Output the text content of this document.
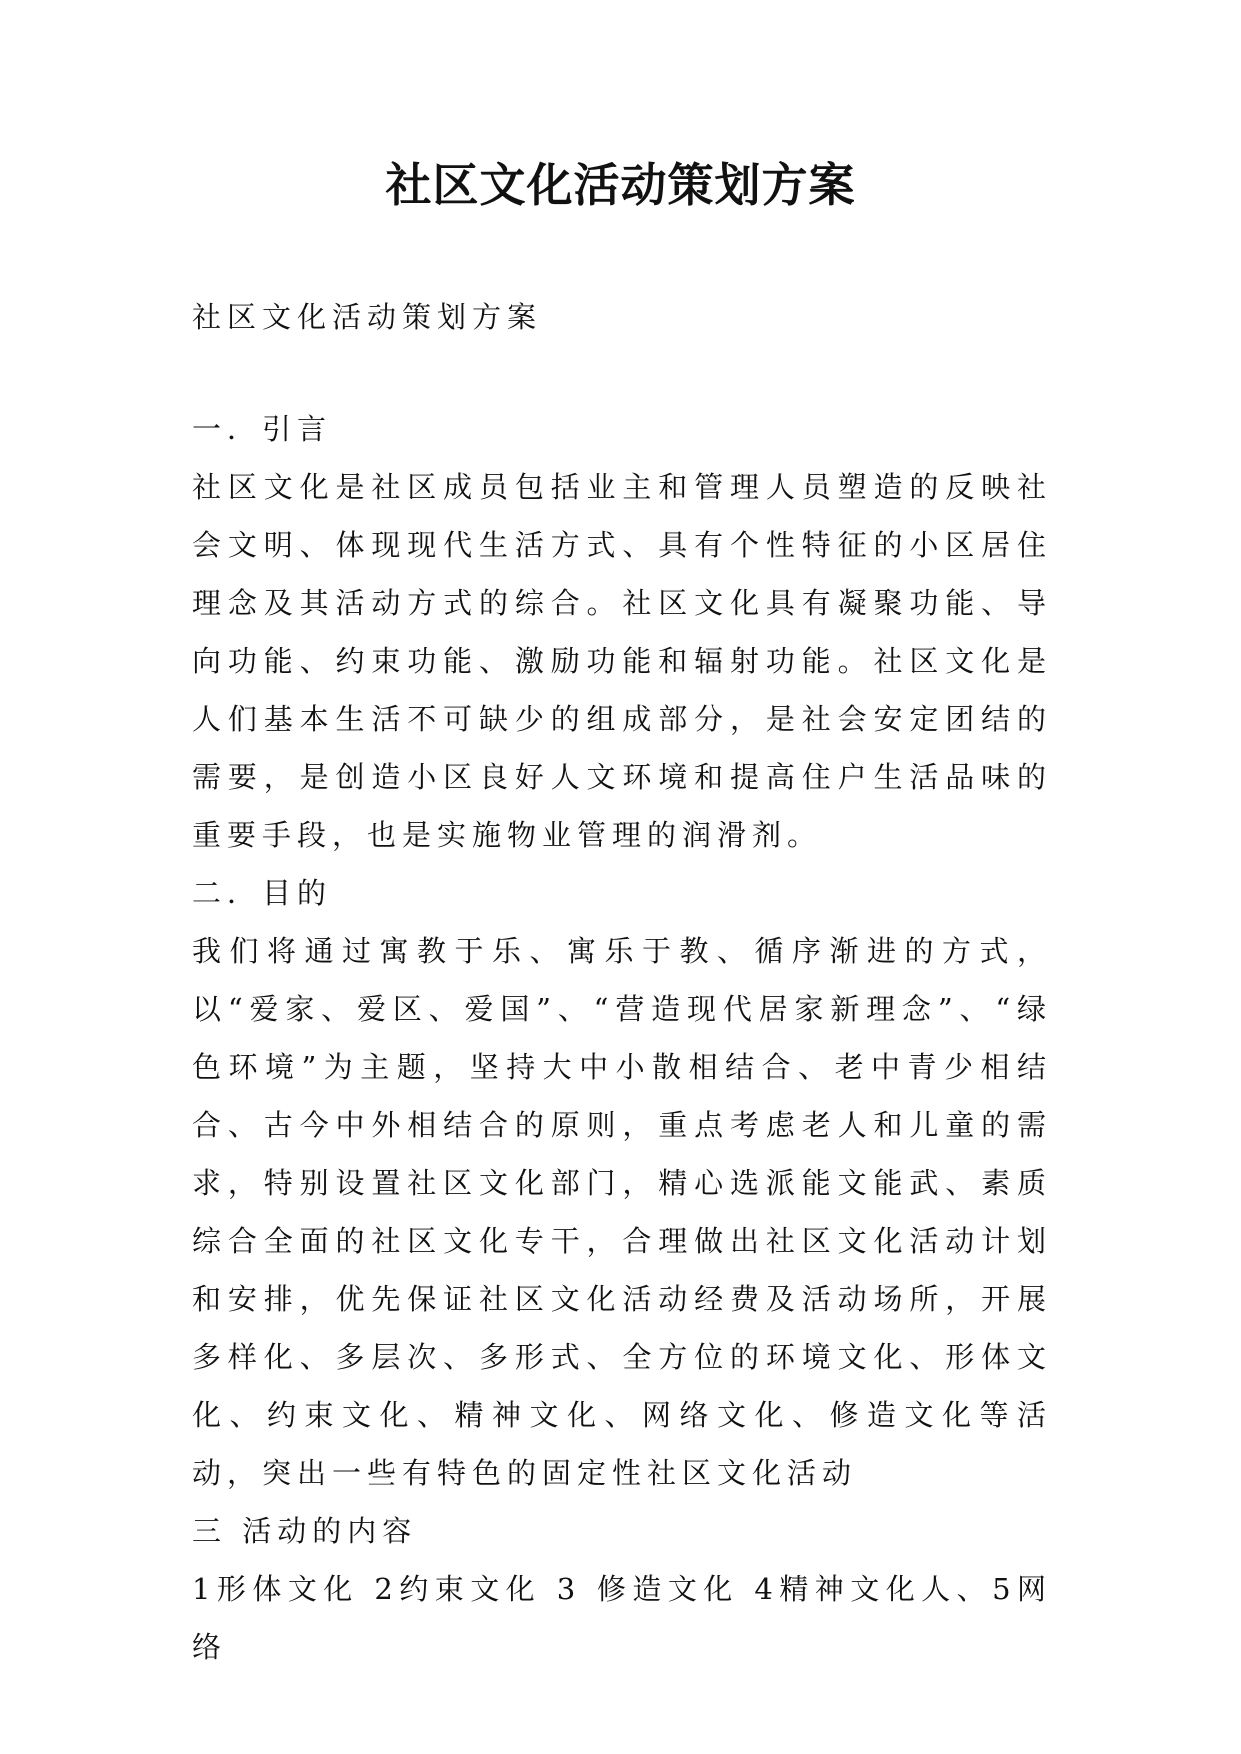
社区文化活动策划方案

社区文化活动策划方案

一．引言

社区文化是社区成员包括业主和管理人员塑造的反映社会文明、体现现代生活方式、具有个性特征的小区居住理念及其活动方式的综合。社区文化具有凝聚功能、导向功能、约束功能、激励功能和辐射功能。社区文化是人们基本生活不可缺少的组成部分，是社会安定团结的需要，是创造小区良好人文环境和提高住户生活品味的重要手段，也是实施物业管理的润滑剂。

二．目的

我们将通过寓教于乐、寓乐于教、循序渐进的方式，以“爱家、爱区、爱国”、“营造现代居家新理念”、“绿色环境”为主题，坚持大中小散相结合、老中青少相结合、古今中外相结合的原则，重点考虑老人和儿童的需求，特别设置社区文化部门，精心选派能文能武、素质综合全面的社区文化专干，合理做出社区文化活动计划和安排，优先保证社区文化活动经费及活动场所，开展多样化、多层次、多形式、全方位的环境文化、形体文化、约束文化、精神文化、网络文化、修造文化等活动，突出一些有特色的固定性社区文化活动

三 活动的内容

1形体文化 2约束文化 3 修造文化 4精神文化人、5网络
